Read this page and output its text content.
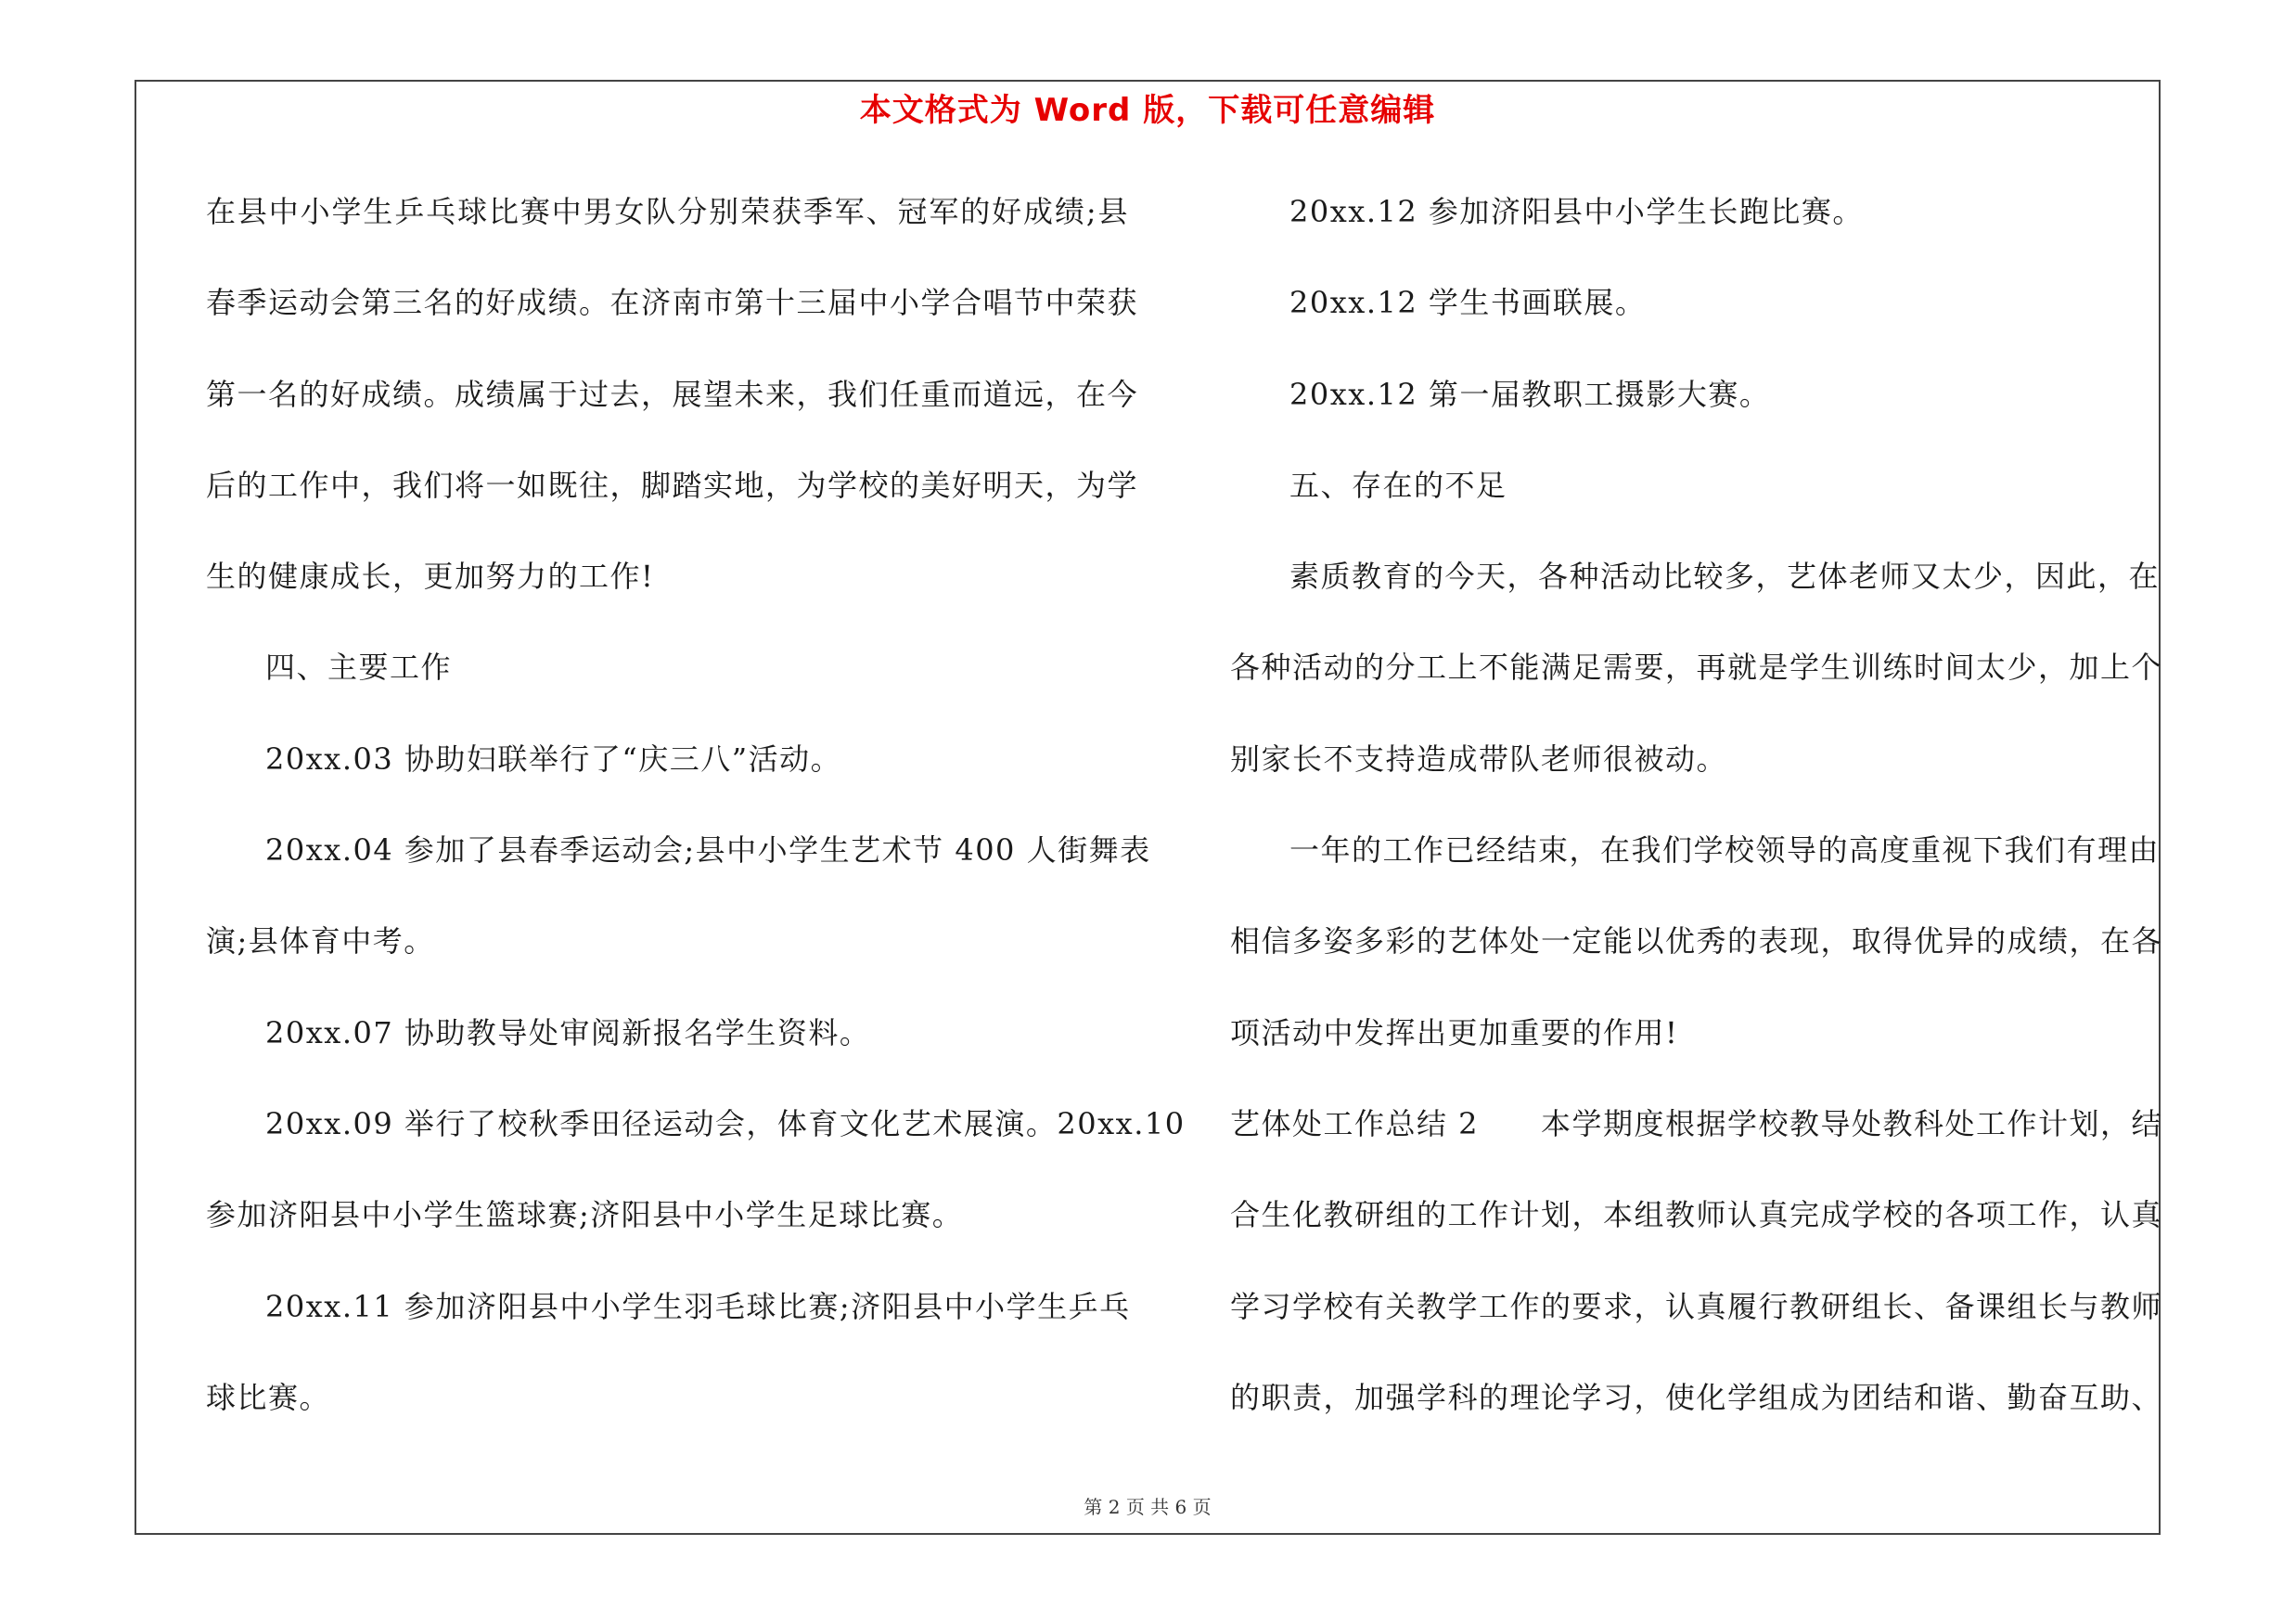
本文格式为 Word 版，下载可任意编辑
在县中小学生乒乓球比赛中男女队分别荣获季军、冠军的好成绩;县
春季运动会第三名的好成绩。在济南市第十三届中小学合唱节中荣获
第一名的好成绩。成绩属于过去，展望未来，我们任重而道远，在今
后的工作中，我们将一如既往，脚踏实地，为学校的美好明天，为学
生的健康成长，更加努力的工作!
四、主要工作
20xx.03 协助妇联举行了“庆三八”活动。
20xx.04 参加了县春季运动会;县中小学生艺术节 400 人街舞表
演;县体育中考。
20xx.07 协助教导处审阅新报名学生资料。
20xx.09 举行了校秋季田径运动会，体育文化艺术展演。20xx.10
参加济阳县中小学生篮球赛;济阳县中小学生足球比赛。
20xx.11 参加济阳县中小学生羽毛球比赛;济阳县中小学生乒乓
球比赛。
20xx.12 参加济阳县中小学生长跑比赛。
20xx.12 学生书画联展。
20xx.12 第一届教职工摄影大赛。
五、存在的不足
素质教育的今天，各种活动比较多，艺体老师又太少，因此，在
各种活动的分工上不能满足需要，再就是学生训练时间太少，加上个
别家长不支持造成带队老师很被动。
一年的工作已经结束，在我们学校领导的高度重视下我们有理由
相信多姿多彩的艺体处一定能以优秀的表现，取得优异的成绩，在各
项活动中发挥出更加重要的作用!
艺体处工作总结 2　　本学期度根据学校教导处教科处工作计划，结
合生化教研组的工作计划，本组教师认真完成学校的各项工作，认真
学习学校有关教学工作的要求，认真履行教研组长、备课组长与教师
的职责，加强学科的理论学习，使化学组成为团结和谐、勤奋互助、
第 2 页 共 6 页
